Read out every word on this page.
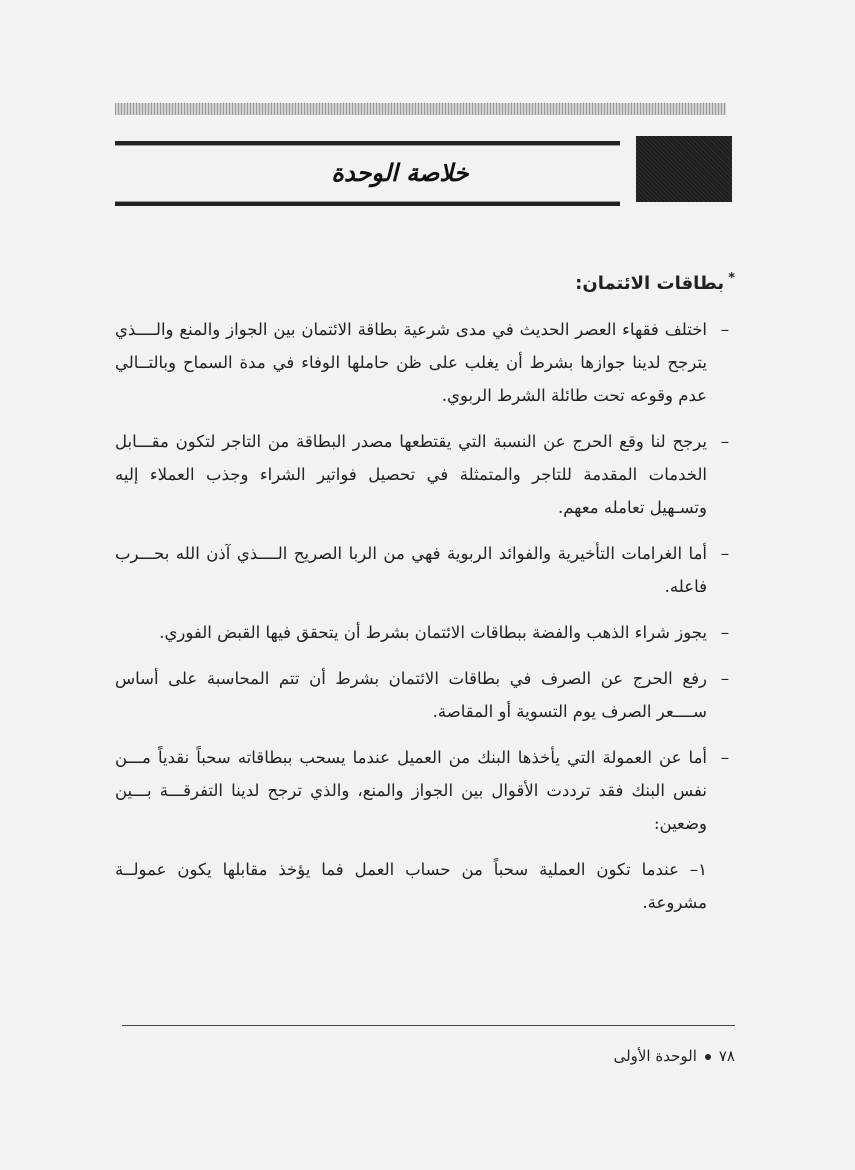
خلاصة الوحدة
*بطاقات الائتمان:
–
اختلف فقهاء العصر الحديث في مدى شرعية بطاقة الائتمان بين الجواز والمنع والــــذي يترجح لدينا جوازها بشرط أن يغلب على ظن حاملها الوفاء في مدة السماح وبالتــالي عدم وقوعه تحت طائلة الشرط الربوي.
–
يرجح لنا وقع الحرج عن النسبة التي يقتطعها مصدر البطاقة من التاجر لتكون مقـــابل الخدمات المقدمة للتاجر والمتمثلة في تحصيل فواتير الشراء وجذب العملاء إليه وتسـهيل تعامله معهم.
–
أما الغرامات التأخيرية والفوائد الربوية فهي من الربا الصريح الــــذي آذن الله بحـــرب فاعله.
–
يجوز شراء الذهب والفضة ببطاقات الائتمان بشرط أن يتحقق فيها القبض الفوري.
–
رفع الحرج عن الصرف في بطاقات الائتمان بشرط أن تتم المحاسبة على أساس ســــعر الصرف يوم التسوية أو المقاصة.
–
أما عن العمولة التي يأخذها البنك من العميل عندما يسحب ببطاقاته سحباً نقدياً مـــن نفس البنك فقد ترددت الأقوال بين الجواز والمنع، والذي ترجح لدينا التفرقـــة بـــين وضعين:
١– عندما تكون العملية سحباً من حساب العمل فما يؤخذ مقابلها يكون عمولــة مشروعة.
٧٨الوحدة الأولى
